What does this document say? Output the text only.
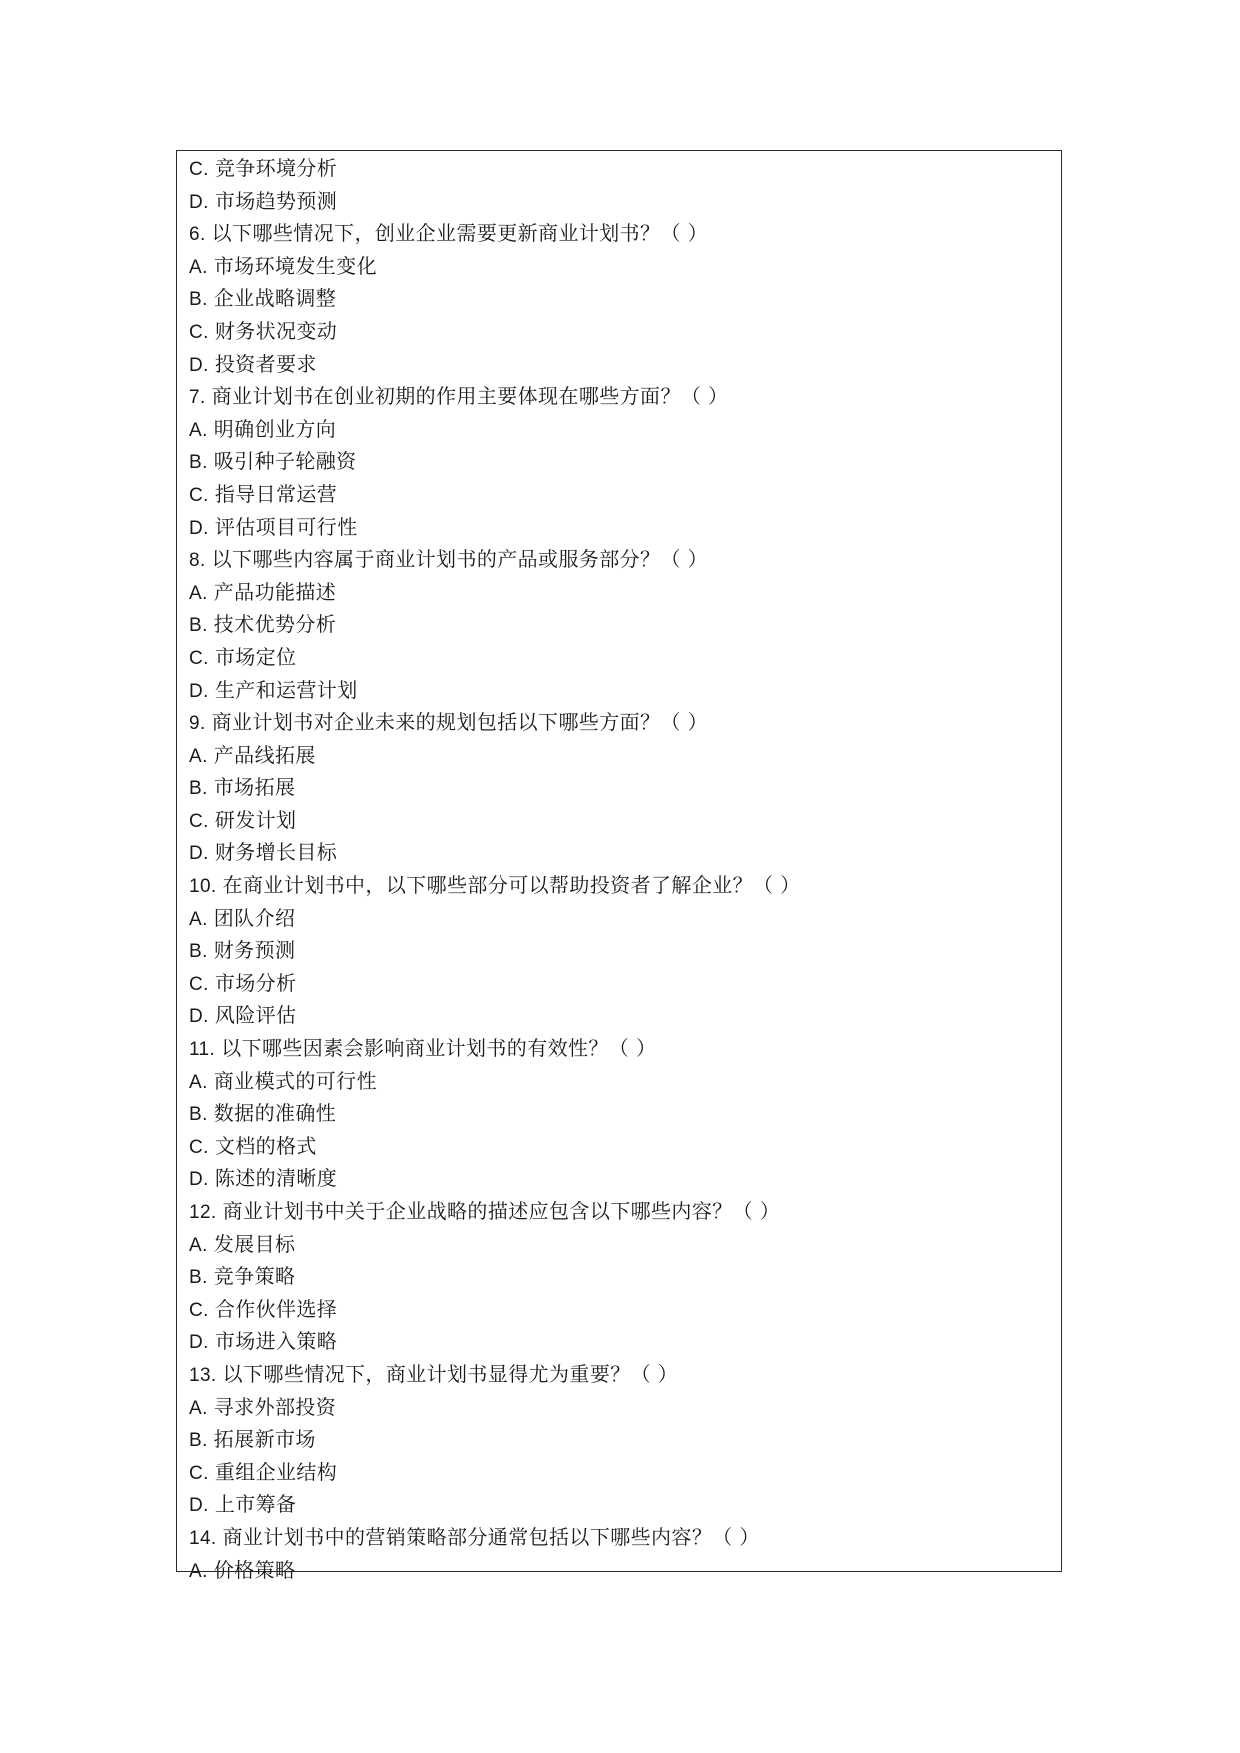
C. 竞争环境分析
D. 市场趋势预测
6. 以下哪些情况下，创业企业需要更新商业计划书？（ ）
A. 市场环境发生变化
B. 企业战略调整
C. 财务状况变动
D. 投资者要求
7. 商业计划书在创业初期的作用主要体现在哪些方面？（ ）
A. 明确创业方向
B. 吸引种子轮融资
C. 指导日常运营
D. 评估项目可行性
8. 以下哪些内容属于商业计划书的产品或服务部分？（ ）
A. 产品功能描述
B. 技术优势分析
C. 市场定位
D. 生产和运营计划
9. 商业计划书对企业未来的规划包括以下哪些方面？（ ）
A. 产品线拓展
B. 市场拓展
C. 研发计划
D. 财务增长目标
10. 在商业计划书中，以下哪些部分可以帮助投资者了解企业？（ ）
A. 团队介绍
B. 财务预测
C. 市场分析
D. 风险评估
11. 以下哪些因素会影响商业计划书的有效性？（ ）
A. 商业模式的可行性
B. 数据的准确性
C. 文档的格式
D. 陈述的清晰度
12. 商业计划书中关于企业战略的描述应包含以下哪些内容？（ ）
A. 发展目标
B. 竞争策略
C. 合作伙伴选择
D. 市场进入策略
13. 以下哪些情况下，商业计划书显得尤为重要？（ ）
A. 寻求外部投资
B. 拓展新市场
C. 重组企业结构
D. 上市筹备
14. 商业计划书中的营销策略部分通常包括以下哪些内容？（ ）
A. 价格策略
